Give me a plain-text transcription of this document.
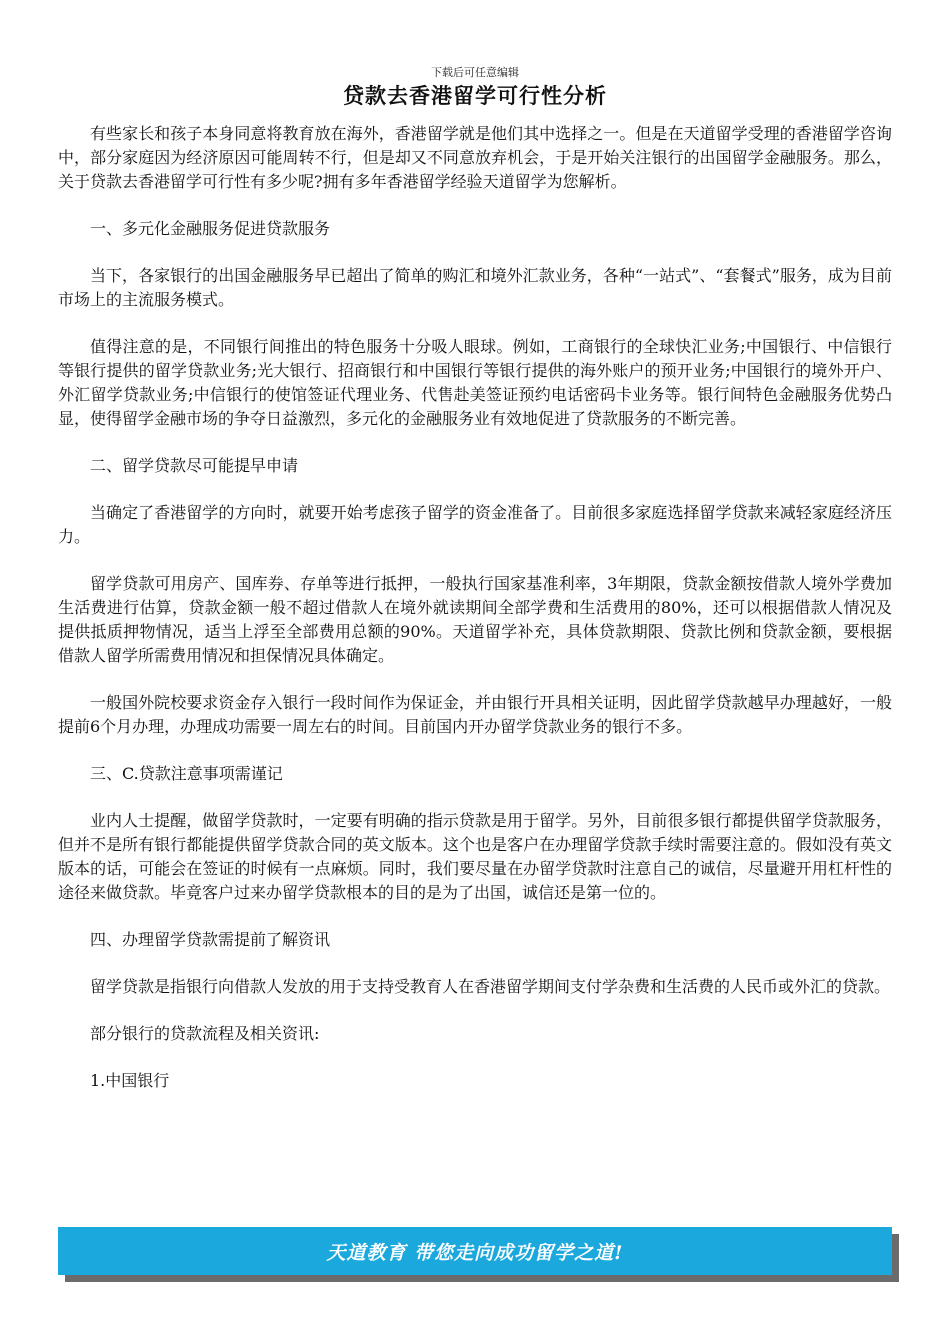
下载后可任意编辑

贷款去香港留学可行性分析

有些家长和孩子本身同意将教育放在海外，香港留学就是他们其中选择之一。但是在天道留学受理的香港留学咨询中，部分家庭因为经济原因可能周转不行，但是却又不同意放弃机会，于是开始关注银行的出国留学金融服务。那么，关于贷款去香港留学可行性有多少呢?拥有多年香港留学经验天道留学为您解析。

一、多元化金融服务促进贷款服务

当下，各家银行的出国金融服务早已超出了简单的购汇和境外汇款业务，各种“一站式”、“套餐式”服务，成为目前市场上的主流服务模式。

值得注意的是，不同银行间推出的特色服务十分吸人眼球。例如，工商银行的全球快汇业务;中国银行、中信银行等银行提供的留学贷款业务;光大银行、招商银行和中国银行等银行提供的海外账户的预开业务;中国银行的境外开户、外汇留学贷款业务;中信银行的使馆签证代理业务、代售赴美签证预约电话密码卡业务等。银行间特色金融服务优势凸显，使得留学金融市场的争夺日益激烈，多元化的金融服务业有效地促进了贷款服务的不断完善。

二、留学贷款尽可能提早申请

当确定了香港留学的方向时，就要开始考虑孩子留学的资金准备了。目前很多家庭选择留学贷款来减轻家庭经济压力。

留学贷款可用房产、国库券、存单等进行抵押，一般执行国家基准利率，3年期限，贷款金额按借款人境外学费加生活费进行估算，贷款金额一般不超过借款人在境外就读期间全部学费和生活费用的80%，还可以根据借款人情况及提供抵质押物情况，适当上浮至全部费用总额的90%。天道留学补充，具体贷款期限、贷款比例和贷款金额，要根据借款人留学所需费用情况和担保情况具体确定。

一般国外院校要求资金存入银行一段时间作为保证金，并由银行开具相关证明，因此留学贷款越早办理越好，一般提前6个月办理，办理成功需要一周左右的时间。目前国内开办留学贷款业务的银行不多。

三、C.贷款注意事项需谨记

业内人士提醒，做留学贷款时，一定要有明确的指示贷款是用于留学。另外，目前很多银行都提供留学贷款服务，但并不是所有银行都能提供留学贷款合同的英文版本。这个也是客户在办理留学贷款手续时需要注意的。假如没有英文版本的话，可能会在签证的时候有一点麻烦。同时，我们要尽量在办留学贷款时注意自己的诚信，尽量避开用杠杆性的途径来做贷款。毕竟客户过来办留学贷款根本的目的是为了出国，诚信还是第一位的。

四、办理留学贷款需提前了解资讯

留学贷款是指银行向借款人发放的用于支持受教育人在香港留学期间支付学杂费和生活费的人民币或外汇的贷款。

部分银行的贷款流程及相关资讯:

1.中国银行

天道教育 带您走向成功留学之道!
